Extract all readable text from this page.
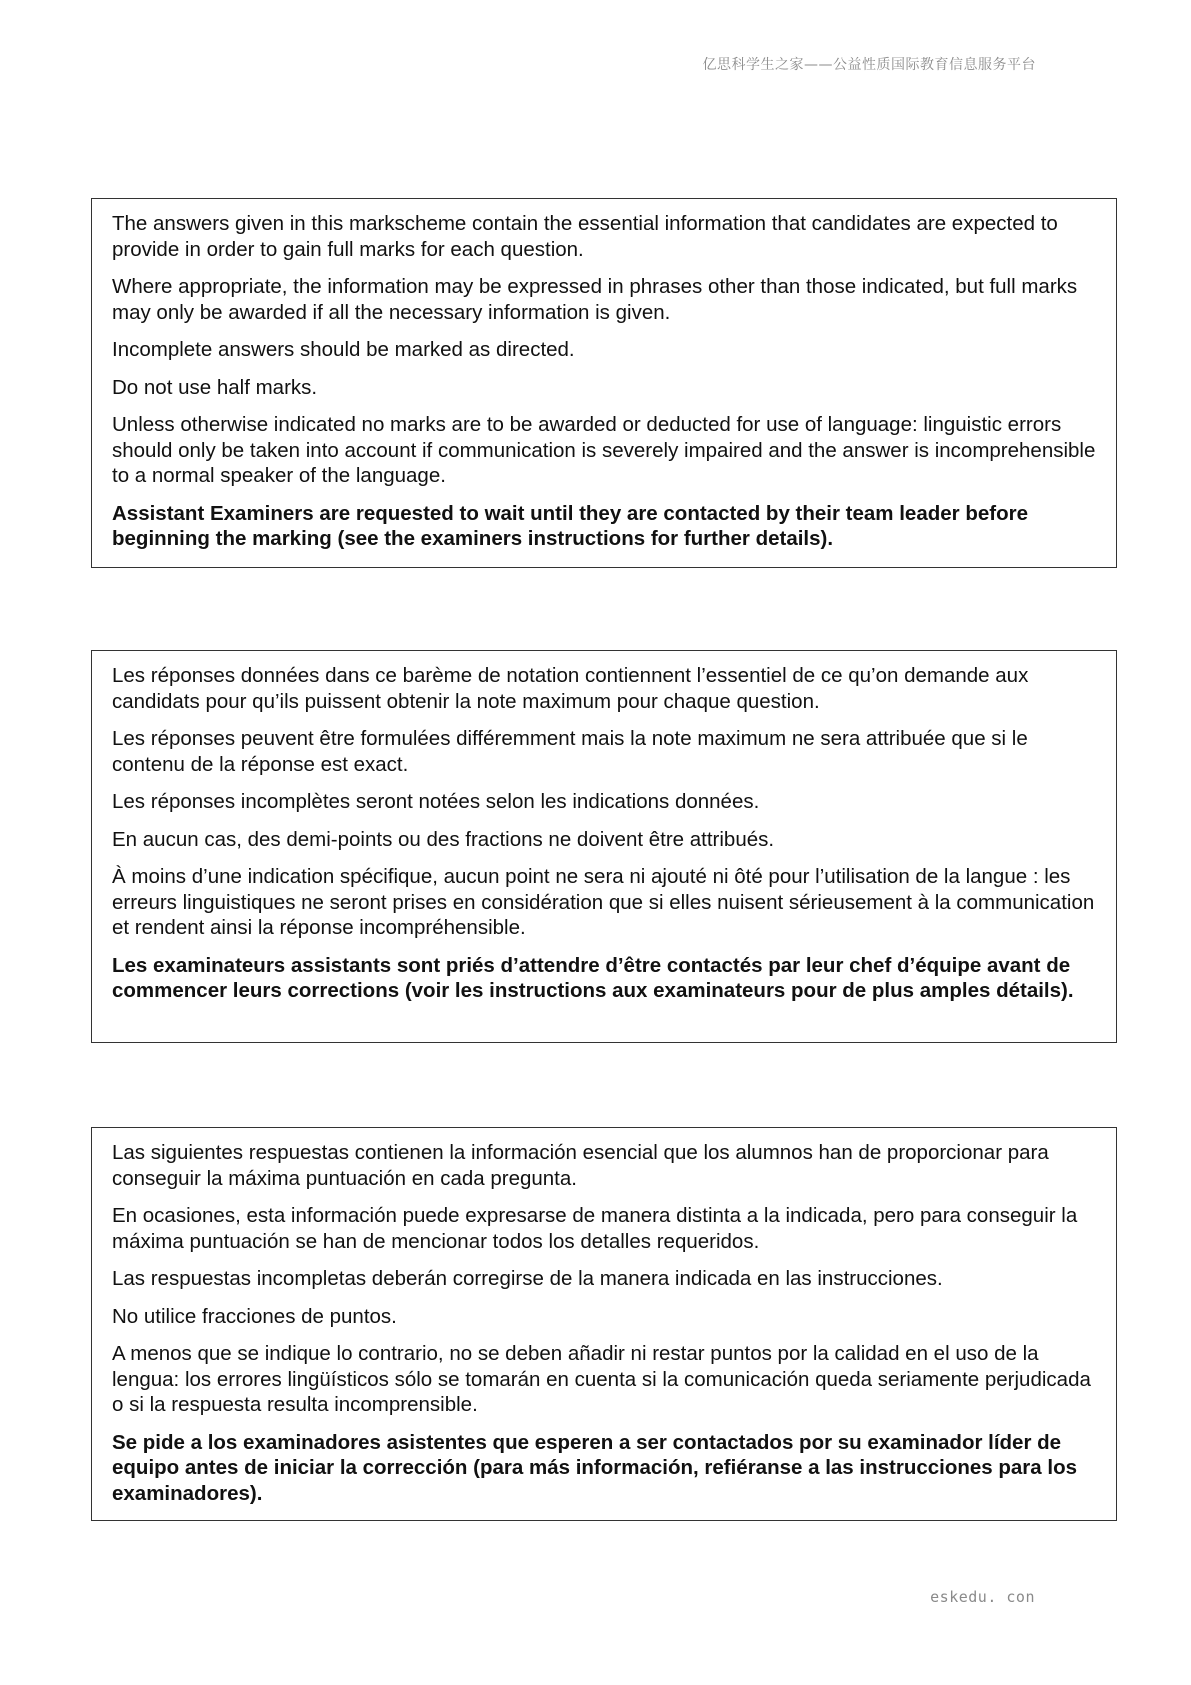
亿思科学生之家——公益性质国际教育信息服务平台

The answers given in this markscheme contain the essential information that candidates are expected to provide in order to gain full marks for each question.

Where appropriate, the information may be expressed in phrases other than those indicated, but full marks may only be awarded if all the necessary information is given.

Incomplete answers should be marked as directed.

Do not use half marks.

Unless otherwise indicated no marks are to be awarded or deducted for use of language: linguistic errors should only be taken into account if communication is severely impaired and the answer is incomprehensible to a normal speaker of the language.

Assistant Examiners are requested to wait until they are contacted by their team leader before beginning the marking (see the examiners instructions for further details).

Les réponses données dans ce barème de notation contiennent l’essentiel de ce qu’on demande aux candidats pour qu’ils puissent obtenir la note maximum pour chaque question.

Les réponses peuvent être formulées différemment mais la note maximum ne sera attribuée que si le contenu de la réponse est exact.

Les réponses incomplètes seront notées selon les indications données.

En aucun cas, des demi-points ou des fractions ne doivent être attribués.

À moins d’une indication spécifique, aucun point ne sera ni ajouté ni ôté pour l’utilisation de la langue : les erreurs linguistiques ne seront prises en considération que si elles nuisent sérieusement à la communication et rendent ainsi la réponse incompréhensible.

Les examinateurs assistants sont priés d’attendre d’être contactés par leur chef d’équipe avant de commencer leurs corrections (voir les instructions aux examinateurs pour de plus amples détails).

Las siguientes respuestas contienen la información esencial que los alumnos han de proporcionar para conseguir la máxima puntuación en cada pregunta.

En ocasiones, esta información puede expresarse de manera distinta a la indicada, pero para conseguir la máxima puntuación se han de mencionar todos los detalles requeridos.

Las respuestas incompletas deberán corregirse de la manera indicada en las instrucciones.

No utilice fracciones de puntos.

A menos que se indique lo contrario, no se deben añadir ni restar puntos por la calidad en el uso de la lengua: los errores lingüísticos sólo se tomarán en cuenta si la comunicación queda seriamente perjudicada o si la respuesta resulta incomprensible.

Se pide a los examinadores asistentes que esperen a ser contactados por su examinador líder de equipo antes de iniciar la corrección (para más información, refiéranse a las instrucciones para los examinadores).

eskedu. con
